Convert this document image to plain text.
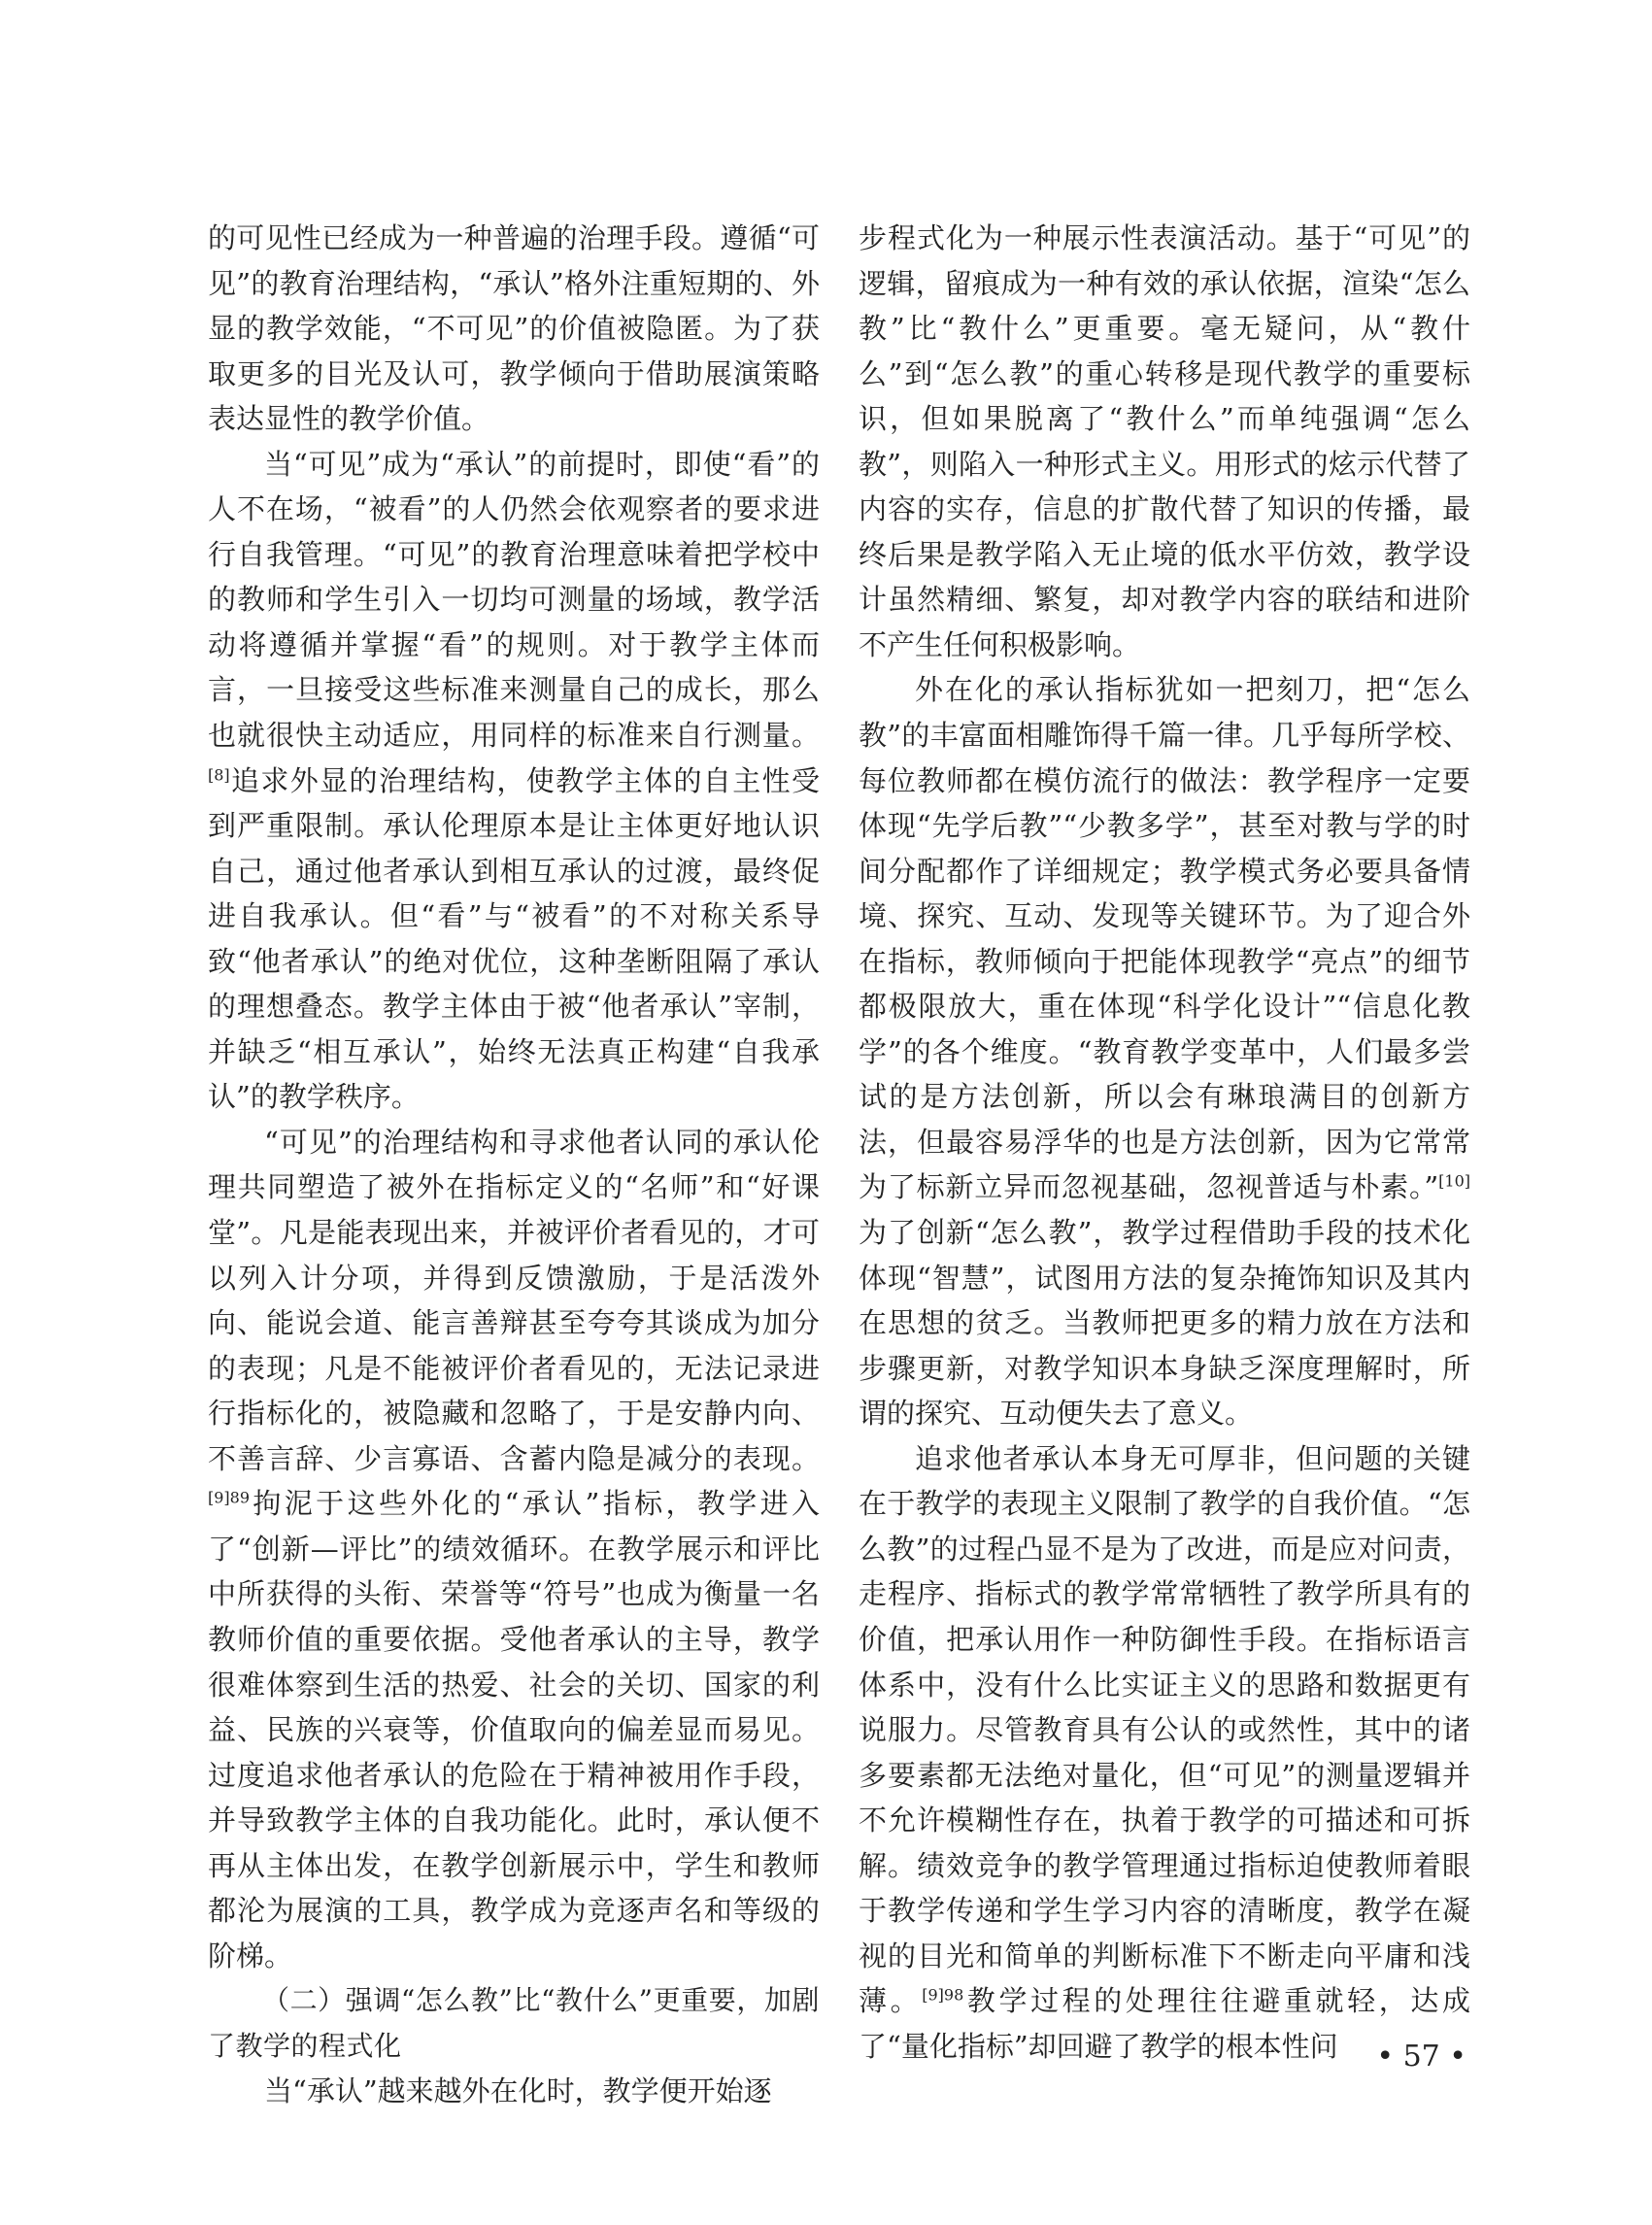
的可见性已经成为一种普遍的治理手段。遵循“可见”的教育治理结构，“承认”格外注重短期的、外显的教学效能，“不可见”的价值被隐匿。为了获取更多的目光及认可，教学倾向于借助展演策略表达显性的教学价值。

当“可见”成为“承认”的前提时，即使“看”的人不在场，“被看”的人仍然会依观察者的要求进行自我管理。“可见”的教育治理意味着把学校中的教师和学生引入一切均可测量的场域，教学活动将遵循并掌握“看”的规则。对于教学主体而言，一旦接受这些标准来测量自己的成长，那么也就很快主动适应，用同样的标准来自行测量。[8]追求外显的治理结构，使教学主体的自主性受到严重限制。承认伦理原本是让主体更好地认识自己，通过他者承认到相互承认的过渡，最终促进自我承认。但“看”与“被看”的不对称关系导致“他者承认”的绝对优位，这种垄断阻隔了承认的理想叠态。教学主体由于被“他者承认”宰制，并缺乏“相互承认”，始终无法真正构建“自我承认”的教学秩序。

“可见”的治理结构和寻求他者认同的承认伦理共同塑造了被外在指标定义的“名师”和“好课堂”。凡是能表现出来，并被评价者看见的，才可以列入计分项，并得到反馈激励，于是活泼外向、能说会道、能言善辩甚至夸夸其谈成为加分的表现；凡是不能被评价者看见的，无法记录进行指标化的，被隐藏和忽略了，于是安静内向、不善言辞、少言寡语、含蓄内隐是减分的表现。$^{[9]89}$拘泥于这些外化的“承认”指标，教学进入了“创新—评比”的绩效循环。在教学展示和评比中所获得的头衔、荣誉等“符号”也成为衡量一名教师价值的重要依据。受他者承认的主导，教学很难体察到生活的热爱、社会的关切、国家的利益、民族的兴衰等，价值取向的偏差显而易见。过度追求他者承认的危险在于精神被用作手段，并导致教学主体的自我功能化。此时，承认便不再从主体出发，在教学创新展示中，学生和教师都沦为展演的工具，教学成为竞逐声名和等级的阶梯。

（二）强调“怎么教”比“教什么”更重要，加剧了教学的程式化

当“承认”越来越外在化时，教学便开始逐

步程式化为一种展示性表演活动。基于“可见”的逻辑，留痕成为一种有效的承认依据，渲染“怎么教”比“教什么”更重要。毫无疑问，从“教什么”到“怎么教”的重心转移是现代教学的重要标识，但如果脱离了“教什么”而单纯强调“怎么教”，则陷入一种形式主义。用形式的炫示代替了内容的实存，信息的扩散代替了知识的传播，最终后果是教学陷入无止境的低水平仿效，教学设计虽然精细、繁复，却对教学内容的联结和进阶不产生任何积极影响。

外在化的承认指标犹如一把刻刀，把“怎么教”的丰富面相雕饰得千篇一律。几乎每所学校、每位教师都在模仿流行的做法：教学程序一定要体现“先学后教”“少教多学”，甚至对教与学的时间分配都作了详细规定；教学模式务必要具备情境、探究、互动、发现等关键环节。为了迎合外在指标，教师倾向于把能体现教学“亮点”的细节都极限放大，重在体现“科学化设计”“信息化教学”的各个维度。“教育教学变革中，人们最多尝试的是方法创新，所以会有琳琅满目的创新方法，但最容易浮华的也是方法创新，因为它常常为了标新立异而忽视基础，忽视普适与朴素。”[10]为了创新“怎么教”，教学过程借助手段的技术化体现“智慧”，试图用方法的复杂掩饰知识及其内在思想的贫乏。当教师把更多的精力放在方法和步骤更新，对教学知识本身缺乏深度理解时，所谓的探究、互动便失去了意义。

追求他者承认本身无可厚非，但问题的关键在于教学的表现主义限制了教学的自我价值。“怎么教”的过程凸显不是为了改进，而是应对问责，走程序、指标式的教学常常牺牲了教学所具有的价值，把承认用作一种防御性手段。在指标语言体系中，没有什么比实证主义的思路和数据更有说服力。尽管教育具有公认的或然性，其中的诸多要素都无法绝对量化，但“可见”的测量逻辑并不允许模糊性存在，执着于教学的可描述和可拆解。绩效竞争的教学管理通过指标迫使教师着眼于教学传递和学生学习内容的清晰度，教学在凝视的目光和简单的判断标准下不断走向平庸和浅薄。$^{[9]98}$教学过程的处理往往避重就轻，达成了“量化指标”却回避了教学的根本性问	• 57 •
